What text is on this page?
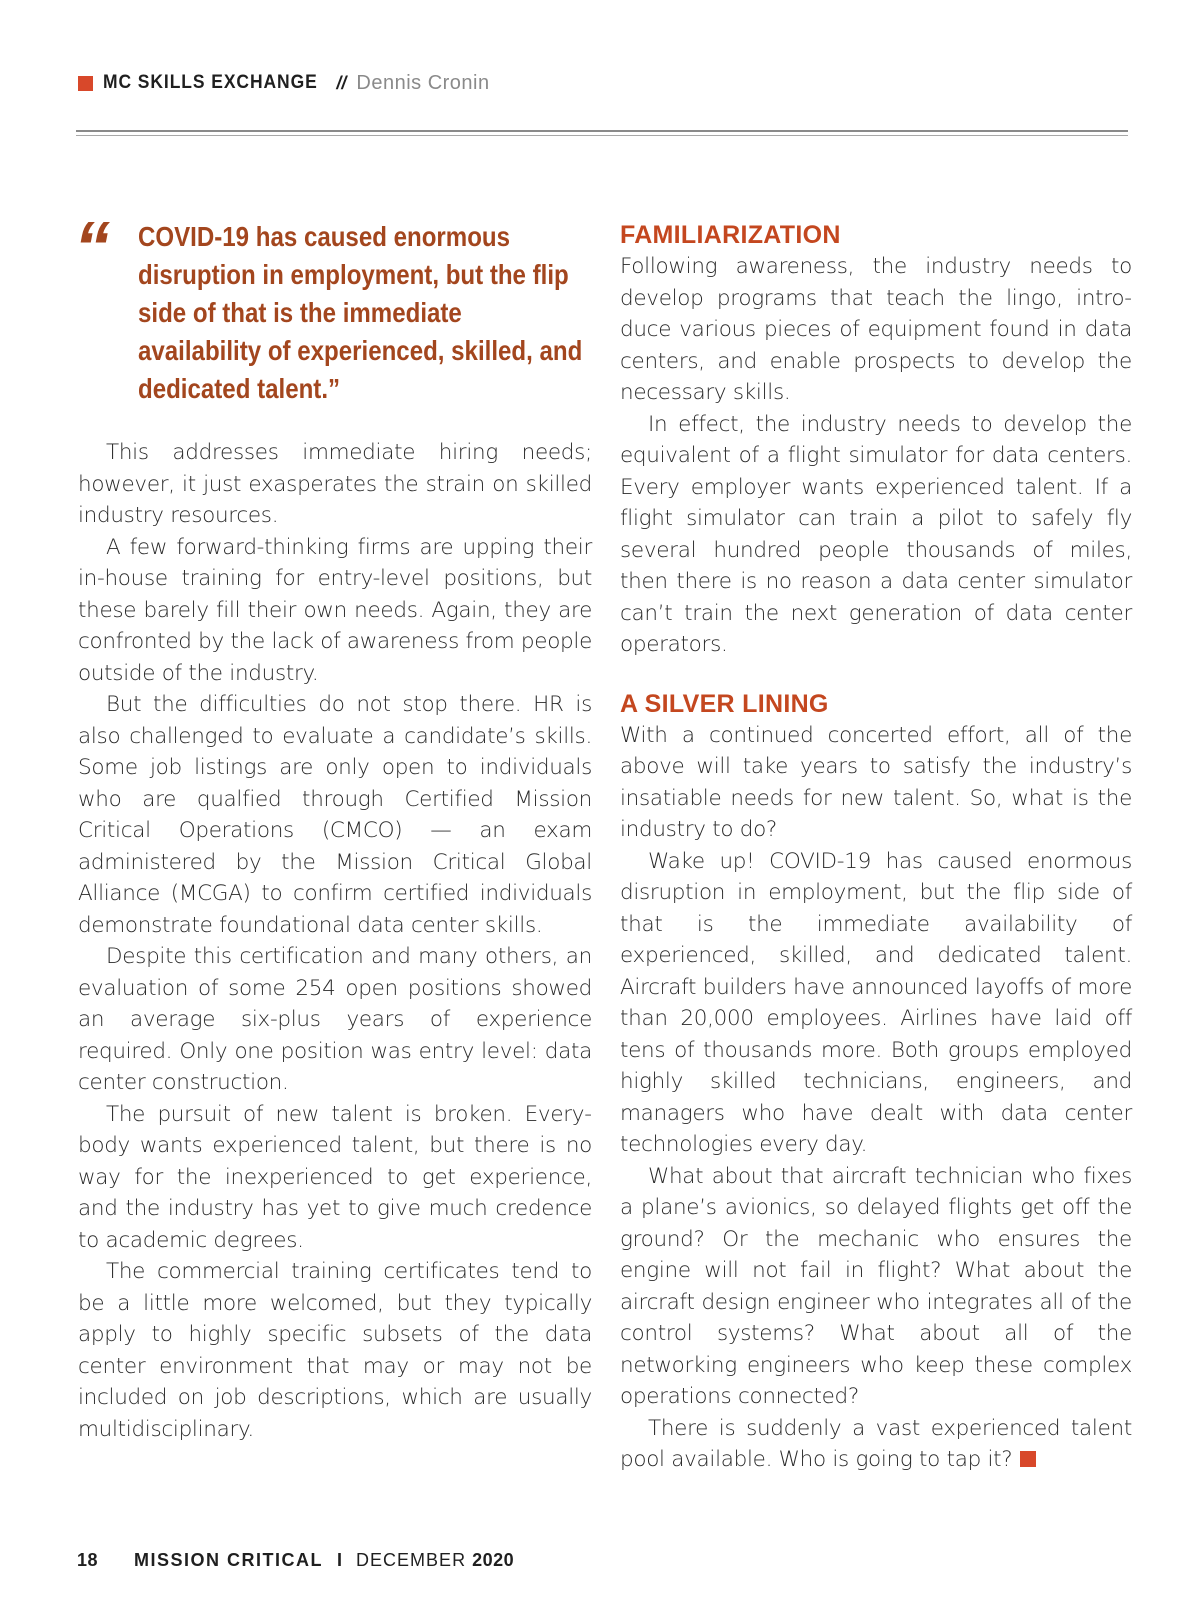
MC SKILLS EXCHANGE // Dennis Cronin
“ COVID-19 has caused enormous disruption in employment, but the flip side of that is the immediate availability of experienced, skilled, and dedicated talent.”

This addresses immediate hiring needs; however, it just exasperates the strain on skilled industry resources.

A few forward-thinking firms are upping their in-house training for entry-level positions, but these barely fill their own needs. Again, they are confronted by the lack of awareness from people outside of the industry.

But the difficulties do not stop there. HR is also challenged to evaluate a candidate’s skills. Some job listings are only open to individuals who are qualfied through Certified Mission Critical Operations (CMCO) — an exam administered by the Mission Critical Global Alliance (MCGA) to confirm certified individuals demonstrate foundational data center skills.

Despite this certification and many others, an evaluation of some 254 open positions showed an average six-plus years of experience required. Only one position was entry level: data center construction.

The pursuit of new talent is broken. Everybody wants experienced talent, but there is no way for the inexperienced to get experience, and the industry has yet to give much credence to academic degrees.

The commercial training certificates tend to be a little more welcomed, but they typically apply to highly specific subsets of the data center environment that may or may not be included on job descriptions, which are usually multidisciplinary.

FAMILIARIZATION

Following awareness, the industry needs to develop programs that teach the lingo, introduce various pieces of equipment found in data centers, and enable prospects to develop the necessary skills.

In effect, the industry needs to develop the equivalent of a flight simulator for data centers. Every employer wants experienced talent. If a flight simulator can train a pilot to safely fly several hundred people thousands of miles, then there is no reason a data center simulator can’t train the next generation of data center operators.

A SILVER LINING

With a continued concerted effort, all of the above will take years to satisfy the industry’s insatiable needs for new talent. So, what is the industry to do?

Wake up! COVID-19 has caused enormous disruption in employment, but the flip side of that is the immediate availability of experienced, skilled, and dedicated talent. Aircraft builders have announced layoffs of more than 20,000 employees. Airlines have laid off tens of thousands more. Both groups employed highly skilled technicians, engineers, and managers who have dealt with data center technologies every day.

What about that aircraft technician who fixes a plane’s avionics, so delayed flights get off the ground? Or the mechanic who ensures the engine will not fail in flight? What about the aircraft design engineer who integrates all of the control systems? What about all of the networking engineers who keep these complex operations connected?

There is suddenly a vast experienced talent pool available. Who is going to tap it?

18 MISSION CRITICAL I DECEMBER 2020
